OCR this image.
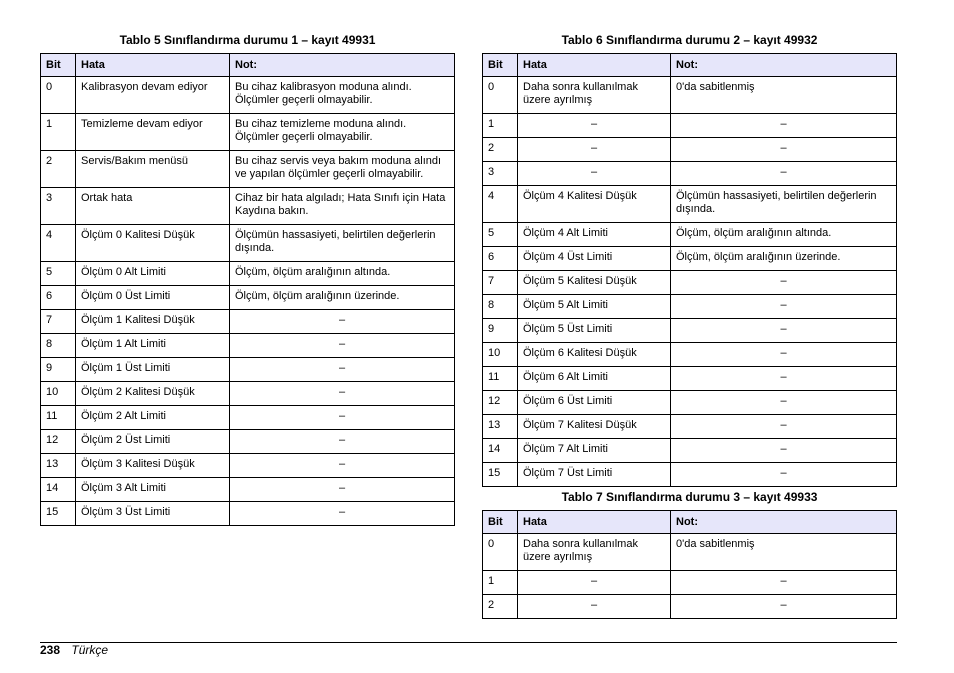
Tablo 5 Sınıflandırma durumu 1 – kayıt 49931
Bit	Hata	Not:
0	Kalibrasyon devam ediyor	Bu cihaz kalibrasyon moduna alındı. Ölçümler geçerli olmayabilir.
1	Temizleme devam ediyor	Bu cihaz temizleme moduna alındı. Ölçümler geçerli olmayabilir.
2	Servis/Bakım menüsü	Bu cihaz servis veya bakım moduna alındı ve yapılan ölçümler geçerli olmayabilir.
3	Ortak hata	Cihaz bir hata algıladı; Hata Sınıfı için Hata Kaydına bakın.
4	Ölçüm 0 Kalitesi Düşük	Ölçümün hassasiyeti, belirtilen değerlerin dışında.
5	Ölçüm 0 Alt Limiti	Ölçüm, ölçüm aralığının altında.
6	Ölçüm 0 Üst Limiti	Ölçüm, ölçüm aralığının üzerinde.
7	Ölçüm 1 Kalitesi Düşük	–
8	Ölçüm 1 Alt Limiti	–
9	Ölçüm 1 Üst Limiti	–
10	Ölçüm 2 Kalitesi Düşük	–
11	Ölçüm 2 Alt Limiti	–
12	Ölçüm 2 Üst Limiti	–
13	Ölçüm 3 Kalitesi Düşük	–
14	Ölçüm 3 Alt Limiti	–
15	Ölçüm 3 Üst Limiti	–
Tablo 6 Sınıflandırma durumu 2 – kayıt 49932
Bit	Hata	Not:
0	Daha sonra kullanılmak üzere ayrılmış	0'da sabitlenmiş
1	–	–
2	–	–
3	–	–
4	Ölçüm 4 Kalitesi Düşük	Ölçümün hassasiyeti, belirtilen değerlerin dışında.
5	Ölçüm 4 Alt Limiti	Ölçüm, ölçüm aralığının altında.
6	Ölçüm 4 Üst Limiti	Ölçüm, ölçüm aralığının üzerinde.
7	Ölçüm 5 Kalitesi Düşük	–
8	Ölçüm 5 Alt Limiti	–
9	Ölçüm 5 Üst Limiti	–
10	Ölçüm 6 Kalitesi Düşük	–
11	Ölçüm 6 Alt Limiti	–
12	Ölçüm 6 Üst Limiti	–
13	Ölçüm 7 Kalitesi Düşük	–
14	Ölçüm 7 Alt Limiti	–
15	Ölçüm 7 Üst Limiti	–
Tablo 7 Sınıflandırma durumu 3 – kayıt 49933
Bit	Hata	Not:
0	Daha sonra kullanılmak üzere ayrılmış	0'da sabitlenmiş
1	–	–
2	–	–
238 Türkçe
